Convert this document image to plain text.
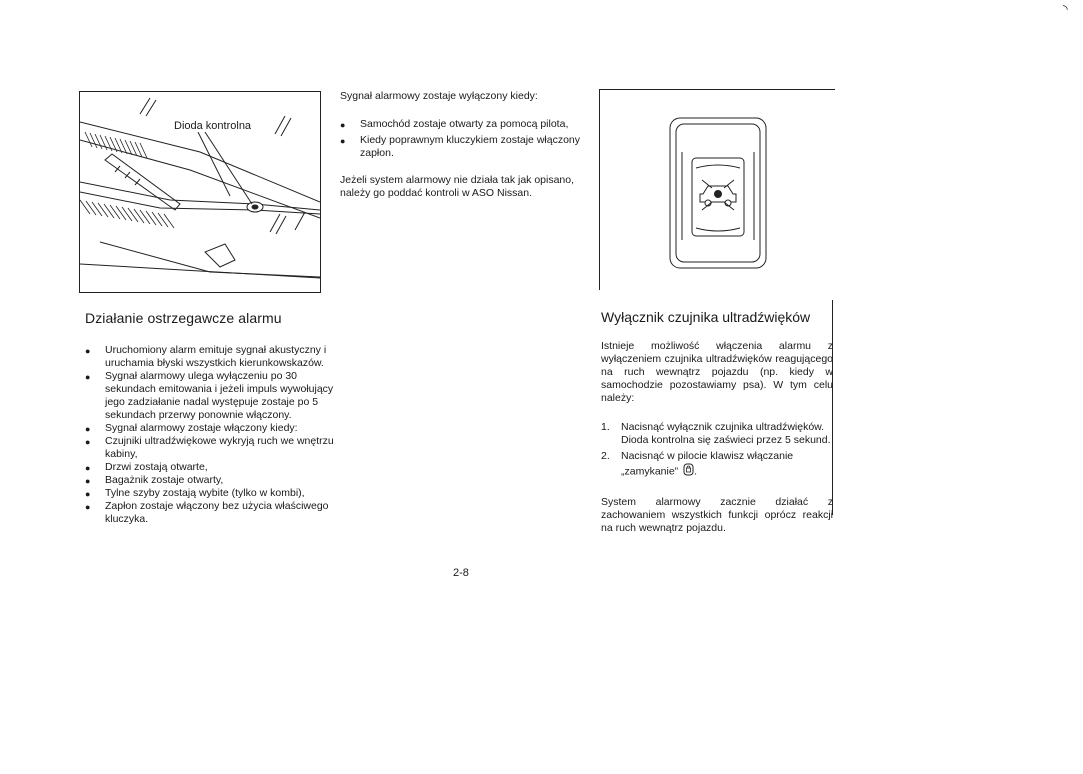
Dioda kontrolna
Działanie ostrzegawcze alarmu
● Uruchomiony alarm emituje sygnał akustyczny i uruchamia błyski wszystkich kierunkowskazów.
● Sygnał alarmowy ulega wyłączeniu po 30 sekundach emitowania i jeżeli impuls wywołujący jego zadziałanie nadal występuje zostaje po 5 sekundach przerwy ponownie włączony.
● Sygnał alarmowy zostaje włączony kiedy:
● Czujniki ultradźwiękowe wykryją ruch we wnętrzu kabiny,
● Drzwi zostają otwarte,
● Bagażnik zostaje otwarty,
● Tylne szyby zostają wybite (tylko w kombi),
● Zapłon zostaje włączony bez użycia właściwego kluczyka.

Sygnał alarmowy zostaje wyłączony kiedy:

● Samochód zostaje otwarty za pomocą pilota,
● Kiedy poprawnym kluczykiem zostaje włączony zapłon.

Jeżeli system alarmowy nie działa tak jak opisano, należy go poddać kontroli w ASO Nissan.

2-8
Wyłącznik czujnika ultradźwięków

Istnieje możliwość włączenia alarmu z wyłączeniem czujnika ultradźwięków reagującego na ruch wewnątrz pojazdu (np. kiedy w samochodzie pozostawiamy psa). W tym celu należy:

1. Nacisnąć wyłącznik czujnika ultradźwięków. Dioda kontrolna się zaświeci przez 5 sekund.
2. Nacisnąć w pilocie klawisz włączanie „zamykanie” .

System alarmowy zacznie działać z zachowaniem wszystkich funkcji oprócz reakcji na ruch wewnątrz pojazdu.

◝
